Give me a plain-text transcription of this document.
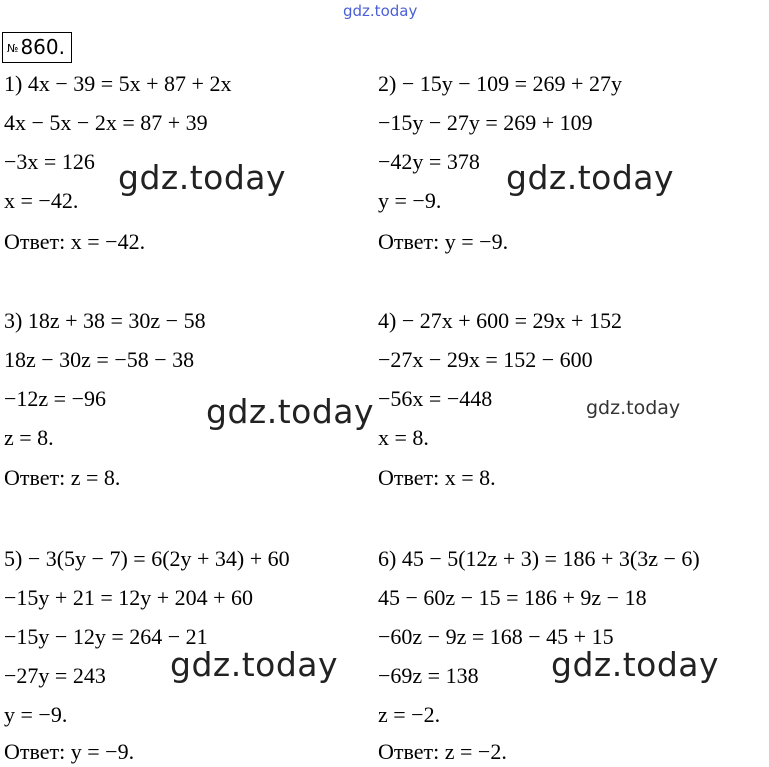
gdz.today
№ 860.
1) 4x − 39 = 5x + 87 + 2x
4x − 5x − 2x = 87 + 39
−3x = 126
x = −42.
Ответ: x = −42.
2) − 15y − 109 = 269 + 27y
−15y − 27y = 269 + 109
−42y = 378
y = −9.
Ответ: y = −9.
3) 18z + 38 = 30z − 58
18z − 30z = −58 − 38
−12z = −96
z = 8.
Ответ: z = 8.
4) − 27x + 600 = 29x + 152
−27x − 29x = 152 − 600
−56x = −448
x = 8.
Ответ: x = 8.
5) − 3(5y − 7) = 6(2y + 34) + 60
−15y + 21 = 12y + 204 + 60
−15y − 12y = 264 − 21
−27y = 243
y = −9.
Ответ: y = −9.
6) 45 − 5(12z + 3) = 186 + 3(3z − 6)
45 − 60z − 15 = 186 + 9z − 18
−60z − 9z = 168 − 45 + 15
−69z = 138
z = −2.
Ответ: z = −2.
gdz.today	gdz.today
gdz.today	gdz.today
gdz.today	gdz.today
